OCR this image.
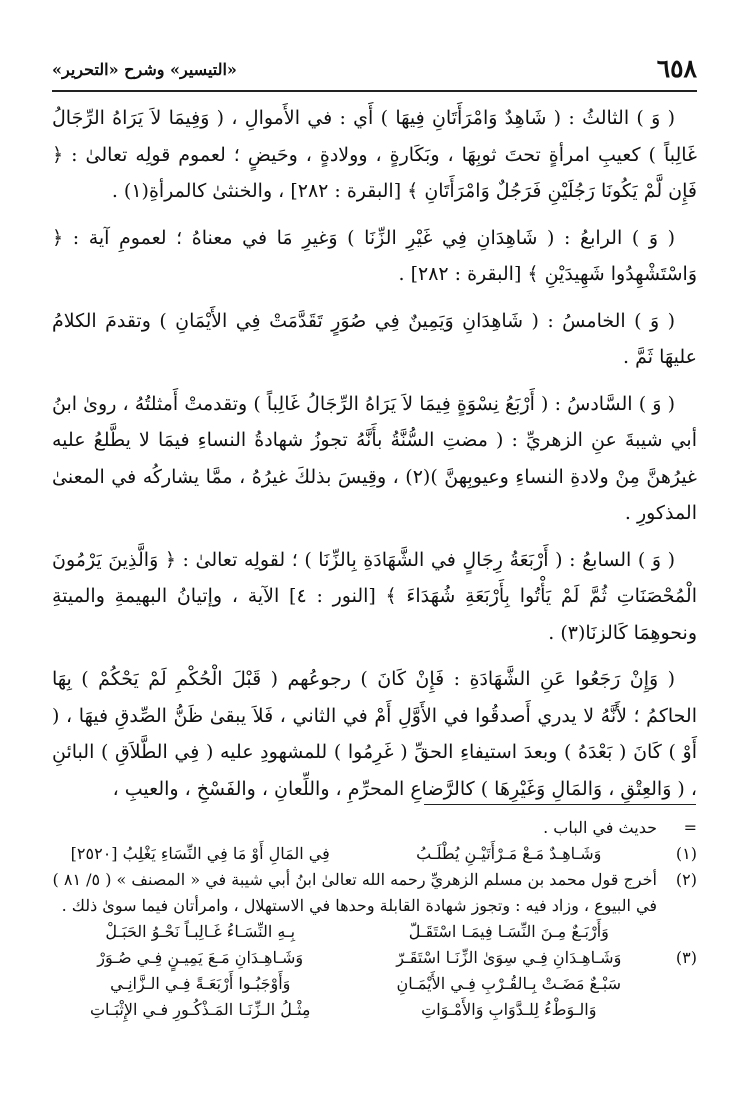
٦٥٨
«التيسير» وشرح «التحرير»

( وَ ) الثالثُ : ( شَاهِدٌ وَامْرَأَتَانِ فِيهَا ) أَي : في الأَموالِ ، ( وَفِيمَا لاَ يَرَاهُ الرِّجَالُ غَالِباً ) كعيبِ امرأةٍ تحتَ ثوبِهَا ، وبَكَارةٍ ، وولادةٍ ، وحَيضٍ ؛ لعموم قولِه تعالىٰ : ﴿ فَإِن لَّمْ يَكُونَا رَجُلَيْنِ فَرَجُلٌ وَامْرَأَتَانِ ﴾ [البقرة : ٢٨٢] ، والخنثىٰ كالمرأةِ(١) .

( وَ ) الرابعُ : ( شَاهِدَانِ فِي غَيْرِ الزِّنَا ) وَغيرِ مَا في معناهُ ؛ لعمومِ آية : ﴿ وَاسْتَشْهِدُوا شَهِيدَيْنِ ﴾ [البقرة : ٢٨٢] .

( وَ ) الخامسُ : ( شَاهِدَانِ وَيَمِينٌ فِي صُوَرٍ تَقَدَّمَتْ فِي الأَيْمَانِ ) وتقدمَ الكلامُ عليهَا ثَمَّ .

( وَ ) السَّادسُ : ( أَرْبَعُ نِسْوَةٍ فِيمَا لاَ يَرَاهُ الرِّجَالُ غَالِباً ) وتقدمتْ أَمثلتُهُ ، روىٰ ابنُ أبي شيبةَ عنِ الزهريِّ : ( مضتِ السُّنَّةُ بأَنَّهُ تجوزُ شهادةُ النساءِ فيمَا لا يطَّلعُ عليه غيرُهنَّ مِنْ ولادةِ النساءِ وعيوبِهنَّ )(٢) ، وقِيسَ بذلكَ غيرُهُ ، ممَّا يشاركُه في المعنىٰ المذكورِ .

( وَ ) السابعُ : ( أَرْبَعَةُ رِجَالٍ في الشَّهَادَةِ بِالزِّنَا ) ؛ لقولِه تعالىٰ : ﴿ وَالَّذِينَ يَرْمُونَ الْمُحْصَنَاتِ ثُمَّ لَمْ يَأْتُوا بِأَرْبَعَةِ شُهَدَاءَ ﴾ [النور : ٤] الآية ، وإتيانُ البهيمةِ والميتةِ ونحوهِمَا كَالزنَا(٣) .

( وَإِنْ رَجَعُوا عَنِ الشَّهَادَةِ : فَإِنْ كَانَ ) رجوعُهم ( قَبْلَ الْحُكْمِ لَمْ يَحْكُمْ ) بِهَا الحاكمُ ؛ لأَنَّهُ لا يدري أَصدقُوا في الأَوَّلِ أَمْ في الثاني ، فَلاَ يبقىٰ ظَنُّ الصِّدقِ فيهَا ، ( أَوْ ) كَانَ ( بَعْدَهُ ) وبعدَ استيفاءِ الحقِّ ( غَرِمُوا ) للمشهودِ عليه ( فِي الطَّلاَقِ ) البائنِ ، ( وَالعِتْقِ ، وَالمَالِ وَغَيْرِهَا ) كالرَّضاعِ المحرِّمِ ، واللِّعانِ ، والفَسْخِ ، والعيبِ ،

=
حديث في الباب .
(١)
وَشَـاهِـدٌ مَـعْ مَـرْأَتَيْـنِ يُطْلَـبُ
فِي المَالِ أَوْ مَا فِي النِّسَاءِ يَغْلِبُ [٢٥٢٠]
(٢)
أخرج قول محمد بن مسلم الزهريِّ رحمه الله تعالىٰ ابنُ أبي شيبة في « المصنف » ( ٥/ ٨١ ) في البيوع ، وزاد فيه : وتجوز شهادة القابلة وحدها في الاستهلال ، وامرأتان فيما سوىٰ ذلك .
وَأَرْبَـعٌ مِـنَ النِّسَـا فِيمَـا اسْتَقَـلّ
بِـهِ النِّسَـاءُ غَـالِبـاً نَحْـوُ الحَبَـلْ
(٣)
وَشَـاهِـدَانِ فِـي سِوَىٰ الزِّنَـا اسْتَقَـرّ
وَشَـاهِـدَانِ مَـعَ يَمِيـنٍ فِـي صُـوَرْ
سَبْـعٌ مَضَـتْ بِـالقُـرْبِ فِـي الأَيْمَـانِ
وَأَوْجَبُـوا أَرْبَعَـةً فِـي الـزَّانِـي
وَالـوَطْءُ لِلـدَّوَابِ وَالأَمْـوَاتِ
مِثْـلُ الـزِّنَـا المَـذْكُـورِ فـي الإِثْبَـاتِ
